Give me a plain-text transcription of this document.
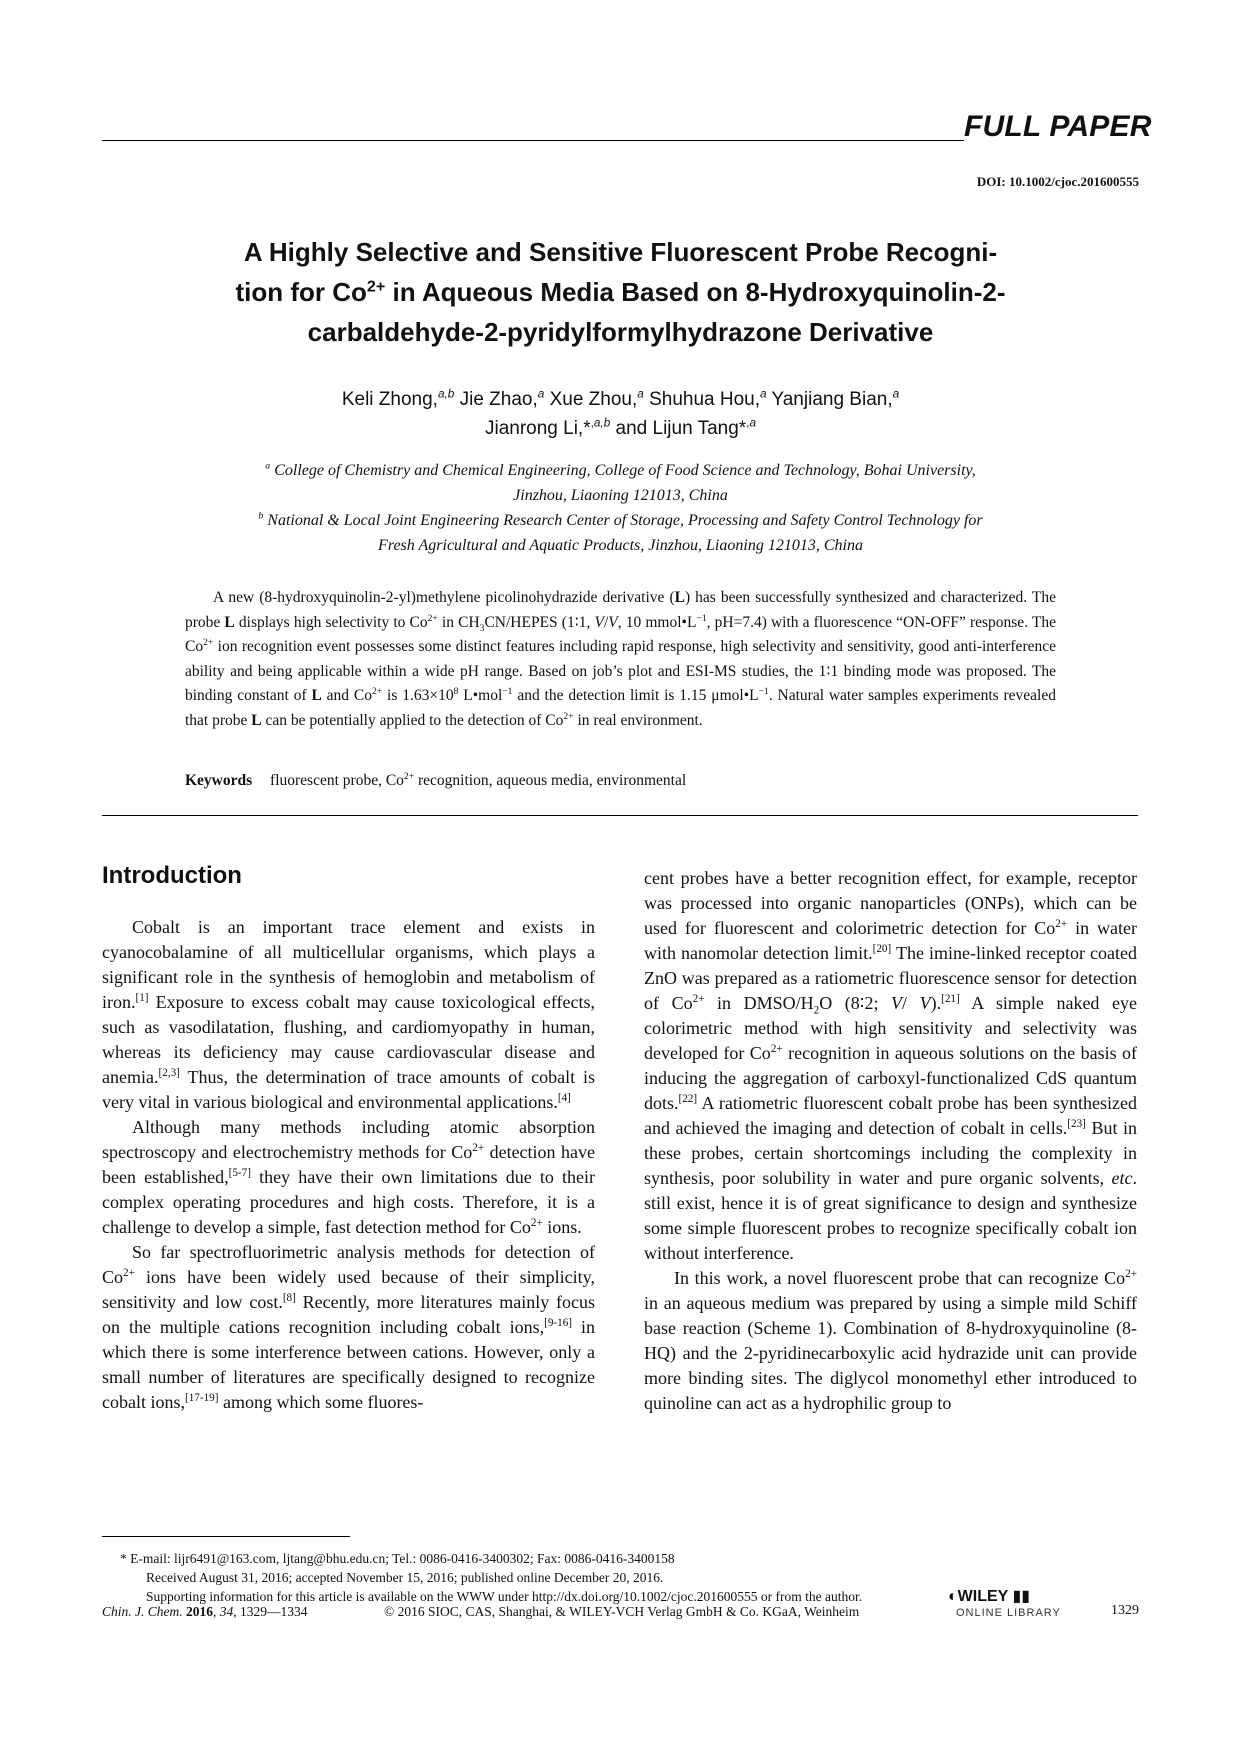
FULL PAPER
DOI: 10.1002/cjoc.201600555
A Highly Selective and Sensitive Fluorescent Probe Recogni-
tion for $Co^{2+}$ in Aqueous Media Based on 8-Hydroxyquinolin-2-
carbaldehyde-2-pyridylformylhydrazone Derivative
Keli Zhong,$^{a,b}$ Jie Zhao,$^a$ Xue Zhou,$^a$ Shuhua Hou,$^a$ Yanjiang Bian,$^a$
Jianrong Li,*$^{,a,b}$ and Lijun Tang*$^{,a}$
$^a$ College of Chemistry and Chemical Engineering, College of Food Science and Technology, Bohai University,
Jinzhou, Liaoning 121013, China
$^b$ National & Local Joint Engineering Research Center of Storage, Processing and Safety Control Technology for
Fresh Agricultural and Aquatic Products, Jinzhou, Liaoning 121013, China
A new (8-hydroxyquinolin-2-yl)methylene picolinohydrazide derivative (L) has been successfully synthesized and characterized. The probe L displays high selectivity to $Co^{2+}$ in $CH_3CN$/HEPES (1∶1, V/V, 10 $mmol•L^{-1}$, pH=7.4) with a fluorescence “ON-OFF” response. The $Co^{2+}$ ion recognition event possesses some distinct features including rapid response, high selectivity and sensitivity, good anti-interference ability and being applicable within a wide pH range. Based on job’s plot and ESI-MS studies, the 1∶1 binding mode was proposed. The binding constant of L and $Co^{2+}$ is $1.63\times 10^8$ L•mol$^{-1}$ and the detection limit is 1.15 $\mu mol•L^{-1}$. Natural water samples experiments revealed that probe L can be potentially applied to the detection of $Co^{2+}$ in real environment.
Keywords fluorescent probe, $Co^{2+}$ recognition, aqueous media, environmental
Introduction

Cobalt is an important trace element and exists in cyanocobalamine of all multicellular organisms, which plays a significant role in the synthesis of hemoglobin and metabolism of iron.[1] Exposure to excess cobalt may cause toxicological effects, such as vasodilatation, flushing, and cardiomyopathy in human, whereas its deficiency may cause cardiovascular disease and anemia.[2,3] Thus, the determination of trace amounts of cobalt is very vital in various biological and environmental applications.[4]

Although many methods including atomic absorption spectroscopy and electrochemistry methods for $Co^{2+}$ detection have been established,[5-7] they have their own limitations due to their complex operating procedures and high costs. Therefore, it is a challenge to develop a simple, fast detection method for $Co^{2+}$ ions.

So far spectrofluorimetric analysis methods for detection of $Co^{2+}$ ions have been widely used because of their simplicity, sensitivity and low cost.[8] Recently, more literatures mainly focus on the multiple cations recognition including cobalt ions,[9-16] in which there is some interference between cations. However, only a small number of literatures are specifically designed to recognize cobalt ions,[17-19] among which some fluores-

cent probes have a better recognition effect, for example, receptor was processed into organic nanoparticles (ONPs), which can be used for fluorescent and colorimetric detection for $Co^{2+}$ in water with nanomolar detection limit.[20] The imine-linked receptor coated ZnO was prepared as a ratiometric fluorescence sensor for detection of $Co^{2+}$ in DMSO/$H_2O$ (8∶2; V/ V).[21] A simple naked eye colorimetric method with high sensitivity and selectivity was developed for $Co^{2+}$ recognition in aqueous solutions on the basis of inducing the aggregation of carboxyl-functionalized CdS quantum dots.[22] A ratiometric fluorescent cobalt probe has been synthesized and achieved the imaging and detection of cobalt in cells.[23] But in these probes, certain shortcomings including the complexity in synthesis, poor solubility in water and pure organic solvents, etc. still exist, hence it is of great significance to design and synthesize some simple fluorescent probes to recognize specifically cobalt ion without interference.

In this work, a novel fluorescent probe that can recognize $Co^{2+}$ in an aqueous medium was prepared by using a simple mild Schiff base reaction (Scheme 1). Combination of 8-hydroxyquinoline (8-HQ) and the 2-pyridinecarboxylic acid hydrazide unit can provide more binding sites. The diglycol monomethyl ether introduced to quinoline can act as a hydrophilic group to

* E-mail: lijr6491@163.com, ljtang@bhu.edu.cn; Tel.: 0086-0416-3400302; Fax: 0086-0416-3400158
Received August 31, 2016; accepted November 15, 2016; published online December 20, 2016.
Supporting information for this article is available on the WWW under http://dx.doi.org/10.1002/cjoc.201600555 or from the author.
Chin. J. Chem. 2016, 34, 1329—1334	© 2016 SIOC, CAS, Shanghai, & WILEY-VCH Verlag GmbH & Co. KGaA, Weinheim
◐WILEY ▮▮
ONLINE LIBRARY	1329
